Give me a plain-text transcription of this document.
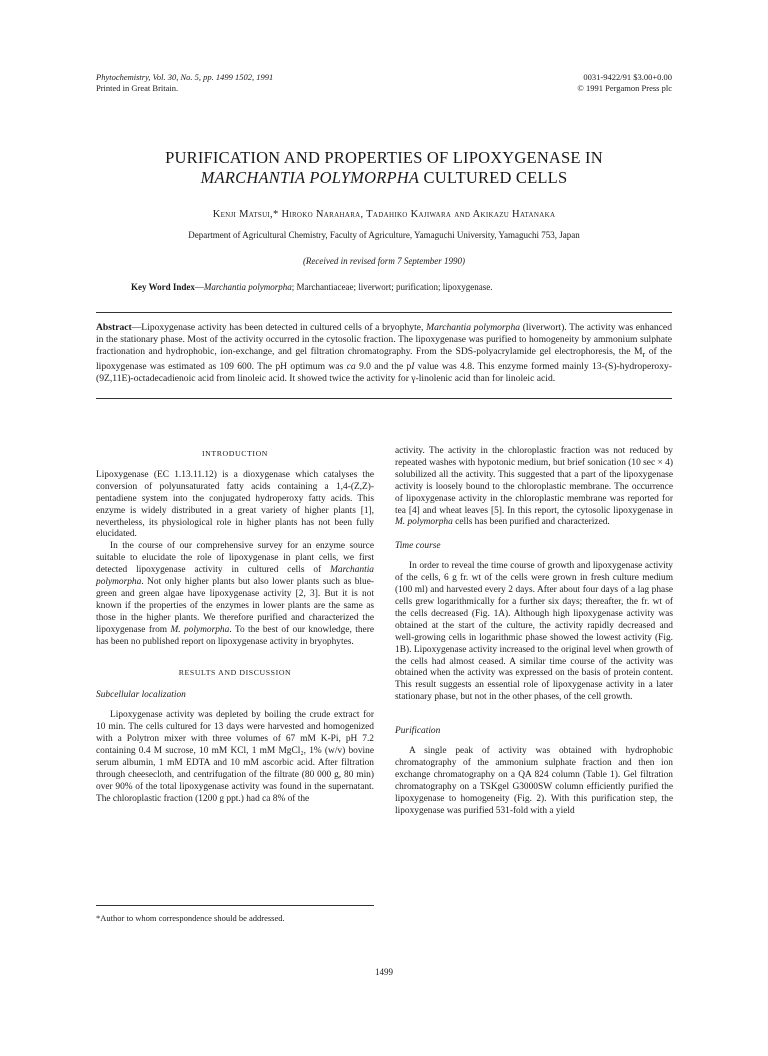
Phytochemistry, Vol. 30, No. 5, pp. 1499 1502, 1991
Printed in Great Britain.
0031-9422/91 $3.00+0.00
© 1991 Pergamon Press plc
PURIFICATION AND PROPERTIES OF LIPOXYGENASE IN
MARCHANTIA POLYMORPHA CULTURED CELLS
Kenji Matsui,* Hiroko Narahara, Tadahiko Kajiwara and Akikazu Hatanaka
Department of Agricultural Chemistry, Faculty of Agriculture, Yamaguchi University, Yamaguchi 753, Japan
(Received in revised form 7 September 1990)
Key Word Index—Marchantia polymorpha; Marchantiaceae; liverwort; purification; lipoxygenase.
Abstract—Lipoxygenase activity has been detected in cultured cells of a bryophyte, Marchantia polymorpha (liverwort). The activity was enhanced in the stationary phase. Most of the activity occurred in the cytosolic fraction. The lipoxygenase was purified to homogeneity by ammonium sulphate fractionation and hydrophobic, ion-exchange, and gel filtration chromatography. From the SDS-polyacrylamide gel electrophoresis, the $M_r$ of the lipoxygenase was estimated as 109 600. The pH optimum was ca 9.0 and the pI value was 4.8. This enzyme formed mainly 13-(S)-hydroperoxy-(9Z,11E)-octadecadienoic acid from linoleic acid. It showed twice the activity for γ-linolenic acid than for linoleic acid.
INTRODUCTION

Lipoxygenase (EC 1.13.11.12) is a dioxygenase which catalyses the conversion of polyunsaturated fatty acids containing a 1,4-(Z,Z)-pentadiene system into the conjugated hydroperoxy fatty acids. This enzyme is widely distributed in a great variety of higher plants [1], nevertheless, its physiological role in higher plants has not been fully elucidated.

In the course of our comprehensive survey for an enzyme source suitable to elucidate the role of lipoxygenase in plant cells, we first detected lipoxygenase activity in cultured cells of Marchantia polymorpha. Not only higher plants but also lower plants such as blue-green and green algae have lipoxygenase activity [2, 3]. But it is not known if the properties of the enzymes in lower plants are the same as those in the higher plants. We therefore purified and characterized the lipoxygenase from M. polymorpha. To the best of our knowledge, there has been no published report on lipoxygenase activity in bryophytes.

RESULTS AND DISCUSSION
Subcellular localization

Lipoxygenase activity was depleted by boiling the crude extract for 10 min. The cells cultured for 13 days were harvested and homogenized with a Polytron mixer with three volumes of 67 mM K-Pi, pH 7.2 containing 0.4 M sucrose, 10 mM KCl, 1 mM MgCl₂, 1% (w/v) bovine serum albumin, 1 mM EDTA and 10 mM ascorbic acid. After filtration through cheesecloth, and centrifugation of the filtrate (80 000 g, 80 min) over 90% of the total lipoxygenase activity was found in the supernatant. The chloroplastic fraction (1200 g ppt.) had ca 8% of the

*Author to whom correspondence should be addressed.

activity. The activity in the chloroplastic fraction was not reduced by repeated washes with hypotonic medium, but brief sonication (10 sec × 4) solubilized all the activity. This suggested that a part of the lipoxygenase activity is loosely bound to the chloroplastic membrane. The occurrence of lipoxygenase activity in the chloroplastic membrane was reported for tea [4] and wheat leaves [5]. In this report, the cytosolic lipoxygenase in M. polymorpha cells has been purified and characterized.

Time course

In order to reveal the time course of growth and lipoxygenase activity of the cells, 6 g fr. wt of the cells were grown in fresh culture medium (100 ml) and harvested every 2 days. After about four days of a lag phase cells grew logarithmically for a further six days; thereafter, the fr. wt of the cells decreased (Fig. 1A). Although high lipoxygenase activity was obtained at the start of the culture, the activity rapidly decreased and well-growing cells in logarithmic phase showed the lowest activity (Fig. 1B). Lipoxygenase activity increased to the original level when growth of the cells had almost ceased. A similar time course of the activity was obtained when the activity was expressed on the basis of protein content. This result suggests an essential role of lipoxygenase activity in a later stationary phase, but not in the other phases, of the cell growth.

Purification

A single peak of activity was obtained with hydrophobic chromatography of the ammonium sulphate fraction and then ion exchange chromatography on a QA 824 column (Table 1). Gel filtration chromatography on a TSKgel G3000SW column efficiently purified the lipoxygenase to homogeneity (Fig. 2). With this purification step, the lipoxygenase was purified 531-fold with a yield

1499
